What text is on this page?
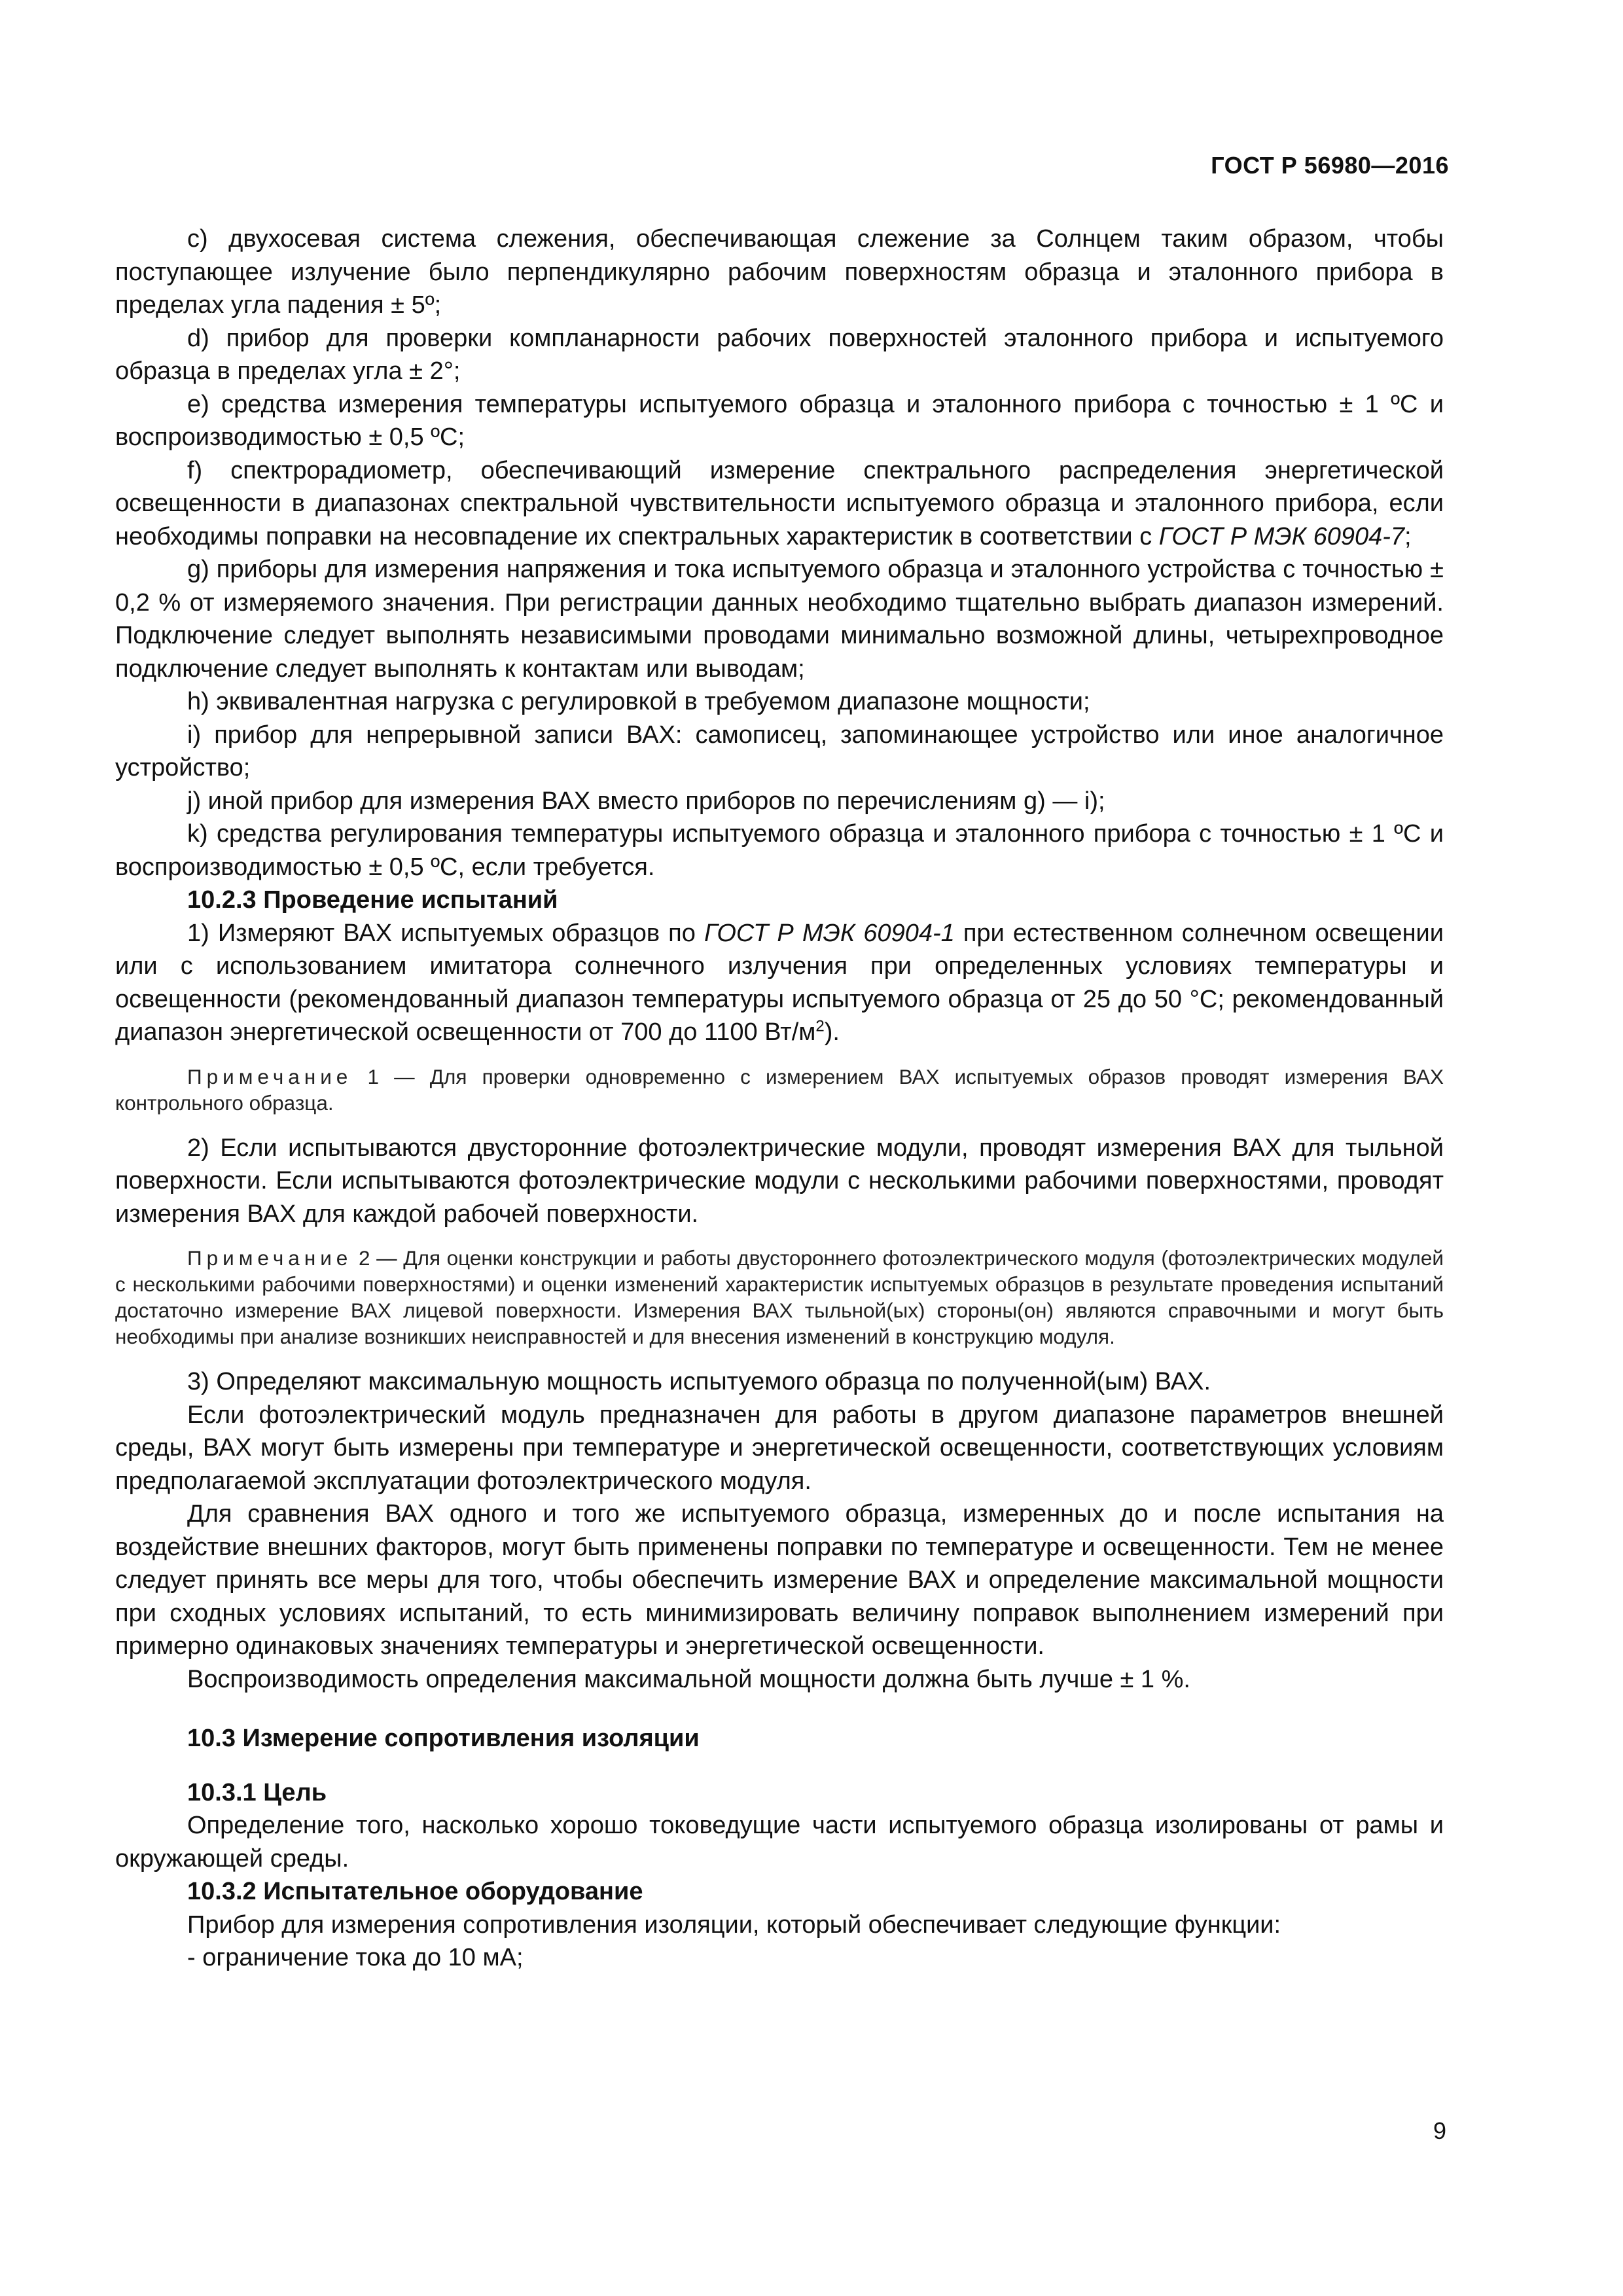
ГОСТ Р 56980—2016

c) двухосевая система слежения, обеспечивающая слежение за Солнцем таким образом, чтобы поступающее излучение было перпендикулярно рабочим поверхностям образца и эталонного прибора в пределах угла падения ± 5º;

d) прибор для проверки компланарности рабочих поверхностей эталонного прибора и испытуемого образца в пределах угла ± 2°;

e) средства измерения температуры испытуемого образца и эталонного прибора с точностью ± 1 ºС и воспроизводимостью ± 0,5 ºС;

f) спектрорадиометр, обеспечивающий измерение спектрального распределения энергетической освещенности в диапазонах спектральной чувствительности испытуемого образца и эталонного прибора, если необходимы поправки на несовпадение их спектральных характеристик в соответствии с ГОСТ Р МЭК 60904-7;

g) приборы для измерения напряжения и тока испытуемого образца и эталонного устройства с точностью ± 0,2 % от измеряемого значения. При регистрации данных необходимо тщательно выбрать диапазон измерений. Подключение следует выполнять независимыми проводами минимально возможной длины, четырехпроводное подключение следует выполнять к контактам или выводам;

h) эквивалентная нагрузка с регулировкой в требуемом диапазоне мощности;

i) прибор для непрерывной записи ВАХ: самописец, запоминающее устройство или иное аналогичное устройство;

j) иной прибор для измерения ВАХ вместо приборов по перечислениям g) — i);

k) средства регулирования температуры испытуемого образца и эталонного прибора с точностью ± 1 ºС и воспроизводимостью ± 0,5 ºС, если требуется.

10.2.3 Проведение испытаний

1) Измеряют ВАХ испытуемых образцов по ГОСТ Р МЭК 60904-1 при естественном солнечном освещении или с использованием имитатора солнечного излучения при определенных условиях температуры и освещенности (рекомендованный диапазон температуры испытуемого образца от 25 до 50 °С; рекомендованный диапазон энергетической освещенности от 700 до 1100 $Вт/м^2$).

Примечание 1 — Для проверки одновременно с измерением ВАХ испытуемых образов проводят измерения ВАХ контрольного образца.

2) Если испытываются двусторонние фотоэлектрические модули, проводят измерения ВАХ для тыльной поверхности. Если испытываются фотоэлектрические модули с несколькими рабочими поверхностями, проводят измерения ВАХ для каждой рабочей поверхности.

Примечание 2 — Для оценки конструкции и работы двустороннего фотоэлектрического модуля (фотоэлектрических модулей с несколькими рабочими поверхностями) и оценки изменений характеристик испытуемых образцов в результате проведения испытаний достаточно измерение ВАХ лицевой поверхности. Измерения ВАХ тыльной(ых) стороны(он) являются справочными и могут быть необходимы при анализе возникших неисправностей и для внесения изменений в конструкцию модуля.

3) Определяют максимальную мощность испытуемого образца по полученной(ым) ВАХ.

Если фотоэлектрический модуль предназначен для работы в другом диапазоне параметров внешней среды, ВАХ могут быть измерены при температуре и энергетической освещенности, соответствующих условиям предполагаемой эксплуатации фотоэлектрического модуля.

Для сравнения ВАХ одного и того же испытуемого образца, измеренных до и после испытания на воздействие внешних факторов, могут быть применены поправки по температуре и освещенности. Тем не менее следует принять все меры для того, чтобы обеспечить измерение ВАХ и определение максимальной мощности при сходных условиях испытаний, то есть минимизировать величину поправок выполнением измерений при примерно одинаковых значениях температуры и энергетической освещенности.

Воспроизводимость определения максимальной мощности должна быть лучше ± 1 %.

10.3 Измерение сопротивления изоляции
10.3.1 Цель

Определение того, насколько хорошо токоведущие части испытуемого образца изолированы от рамы и окружающей среды.

10.3.2 Испытательное оборудование

Прибор для измерения сопротивления изоляции, который обеспечивает следующие функции:

- ограничение тока до 10 мА;

9
